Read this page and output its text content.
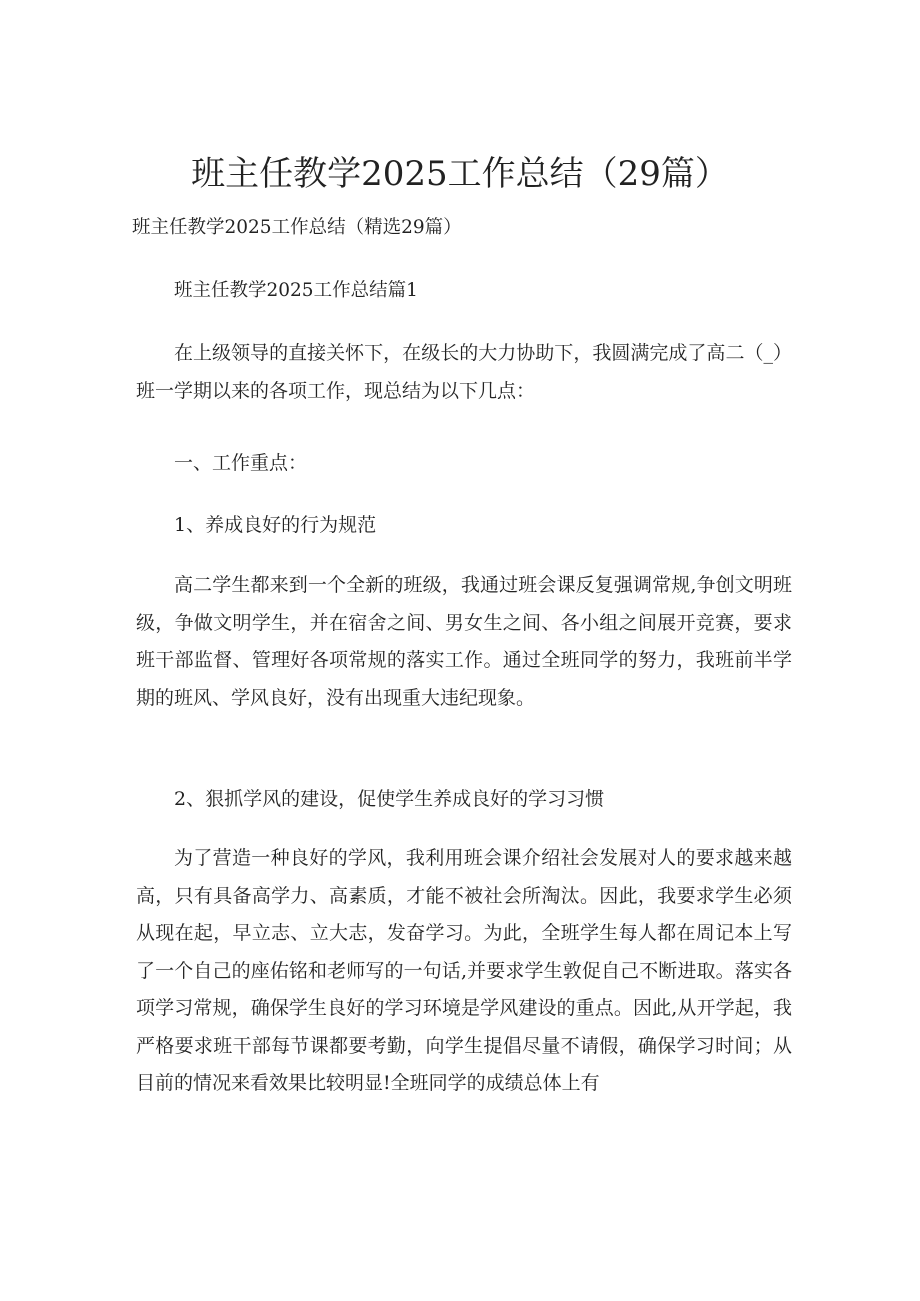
班主任教学2025工作总结（29篇）

班主任教学2025工作总结（精选29篇）

班主任教学2025工作总结篇1

在上级领导的直接关怀下，在级长的大力协助下，我圆满完成了高二（_）班一学期以来的各项工作，现总结为以下几点：

一、工作重点：

1、养成良好的行为规范

高二学生都来到一个全新的班级，我通过班会课反复强调常规,争创文明班级，争做文明学生，并在宿舍之间、男女生之间、各小组之间展开竞赛，要求班干部监督、管理好各项常规的落实工作。通过全班同学的努力，我班前半学期的班风、学风良好，没有出现重大违纪现象。

2、狠抓学风的建设，促使学生养成良好的学习习惯

为了营造一种良好的学风，我利用班会课介绍社会发展对人的要求越来越高，只有具备高学力、高素质，才能不被社会所淘汰。因此，我要求学生必须从现在起，早立志、立大志，发奋学习。为此，全班学生每人都在周记本上写了一个自己的座佑铭和老师写的一句话,并要求学生敦促自己不断进取。落实各项学习常规，确保学生良好的学习环境是学风建设的重点。因此,从开学起，我严格要求班干部每节课都要考勤，向学生提倡尽量不请假，确保学习时间；从目前的情况来看效果比较明显!全班同学的成绩总体上有
